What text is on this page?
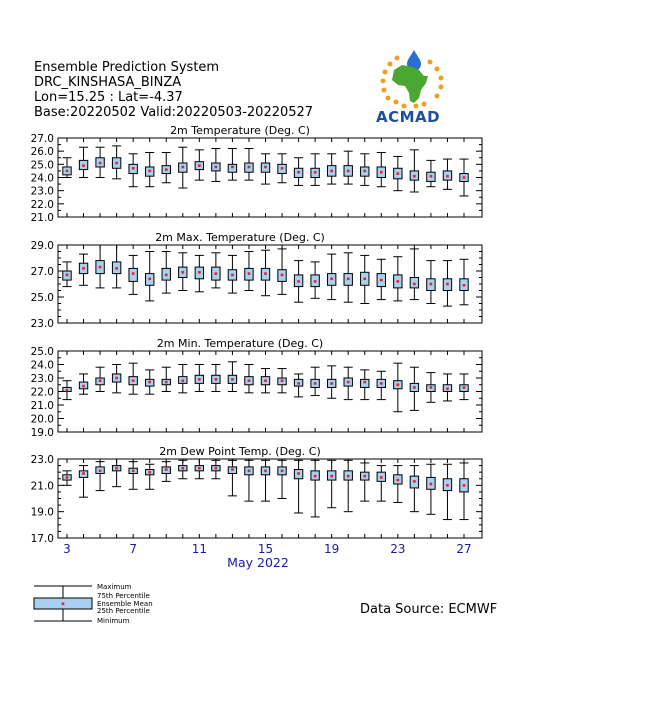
Ensemble Prediction System
DRC_KINSHASA_BINZA
Lon=15.25 : Lat=-4.37
Base:20220502 Valid:20220503-20220527	ACMAD
2m Temperature (Deg. C)
27.0
26.0
25.0
24.0
23.0
22.0
21.0
2m Max. Temperature (Deg. C)
29.0
27.0
25.0
23.0
2m Min. Temperature (Deg. C)
25.0
24.0
23.0
22.0
21.0
20.0
19.0
2m Dew Point Temp. (Deg. C)
23.0
21.0
19.0
17.0
3	7	11	15	19	23	27
May 2022
Maximum
75th Percentile
Ensemble Mean
25th Percentile
Minimum
Data Source: ECMWF
